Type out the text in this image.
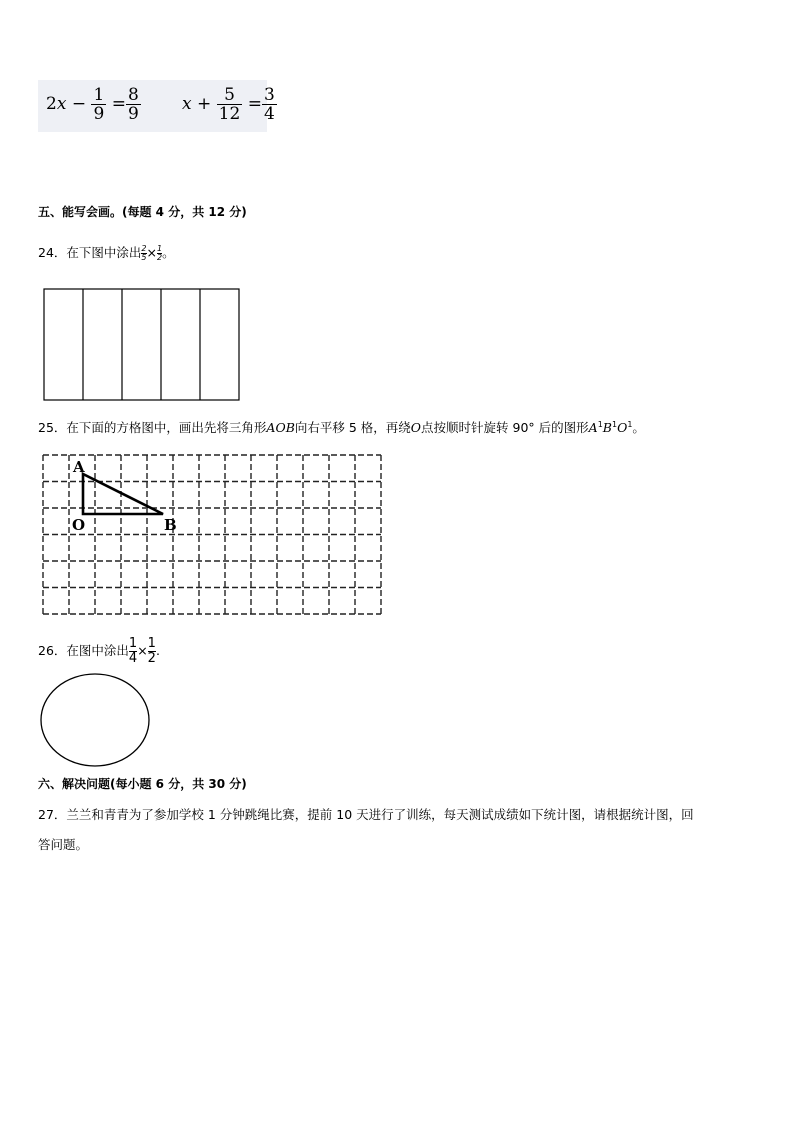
$2x - \frac{1}{9} = \frac{8}{9}$ $x + \frac{5}{12} = \frac{3}{4}$
五、能写会画。(每题 4 分，共 12 分)
24．在下图中涂出 $\frac{2}{5} \times \frac{1}{2}$ 。
25．在下面的方格图中，画出先将三角形AOB向右平移 5 格，再绕O点按顺时针旋转 90° 后的图形$A^1B^1O^1$。
A
O	B
26．在图中涂出 $\frac{1}{4} \times \frac{1}{2}$ .
六、解决问题(每小题 6 分，共 30 分)
27．兰兰和青青为了参加学校 1 分钟跳绳比赛，提前 10 天进行了训练，每天测试成绩如下统计图，请根据统计图，回
答问题。
